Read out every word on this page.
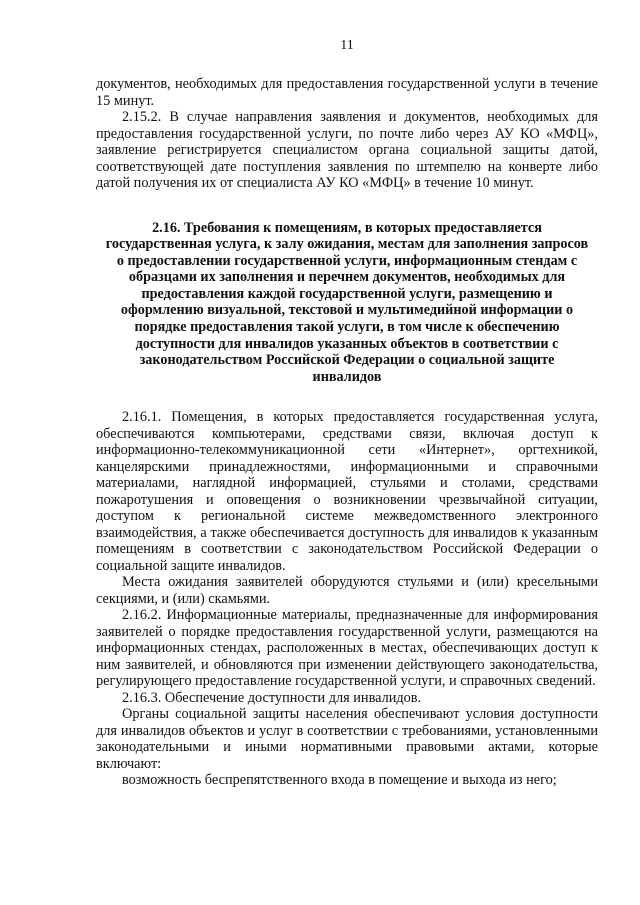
11

документов, необходимых для предоставления государственной услуги в течение 15 минут.

2.15.2. В случае направления заявления и документов, необходимых для предоставления государственной услуги, по почте либо через АУ КО «МФЦ», заявление регистрируется специалистом органа социальной защиты датой, соответствующей дате поступления заявления по штемпелю на конверте либо датой получения их от специалиста АУ КО «МФЦ» в течение 10 минут.

2.16. Требования к помещениям, в которых предоставляется государственная услуга, к залу ожидания, местам для заполнения запросов о предоставлении государственной услуги, информационным стендам с образцами их заполнения и перечнем документов, необходимых для предоставления каждой государственной услуги, размещению и оформлению визуальной, текстовой и мультимедийной информации о порядке предоставления такой услуги, в том числе к обеспечению доступности для инвалидов указанных объектов в соответствии с законодательством Российской Федерации о социальной защите инвалидов

2.16.1. Помещения, в которых предоставляется государственная услуга, обеспечиваются компьютерами, средствами связи, включая доступ к информационно-телекоммуникационной сети «Интернет», оргтехникой, канцелярскими принадлежностями, информационными и справочными материалами, наглядной информацией, стульями и столами, средствами пожаротушения и оповещения о возникновении чрезвычайной ситуации, доступом к региональной системе межведомственного электронного взаимодействия, а также обеспечивается доступность для инвалидов к указанным помещениям в соответствии с законодательством Российской Федерации о социальной защите инвалидов.

Места ожидания заявителей оборудуются стульями и (или) кресельными секциями, и (или) скамьями.

2.16.2. Информационные материалы, предназначенные для информирования заявителей о порядке предоставления государственной услуги, размещаются на информационных стендах, расположенных в местах, обеспечивающих доступ к ним заявителей, и обновляются при изменении действующего законодательства, регулирующего предоставление государственной услуги, и справочных сведений.

2.16.3. Обеспечение доступности для инвалидов.

Органы социальной защиты населения обеспечивают условия доступности для инвалидов объектов и услуг в соответствии с требованиями, установленными законодательными и иными нормативными правовыми актами, которые включают:

возможность беспрепятственного входа в помещение и выхода из него;
